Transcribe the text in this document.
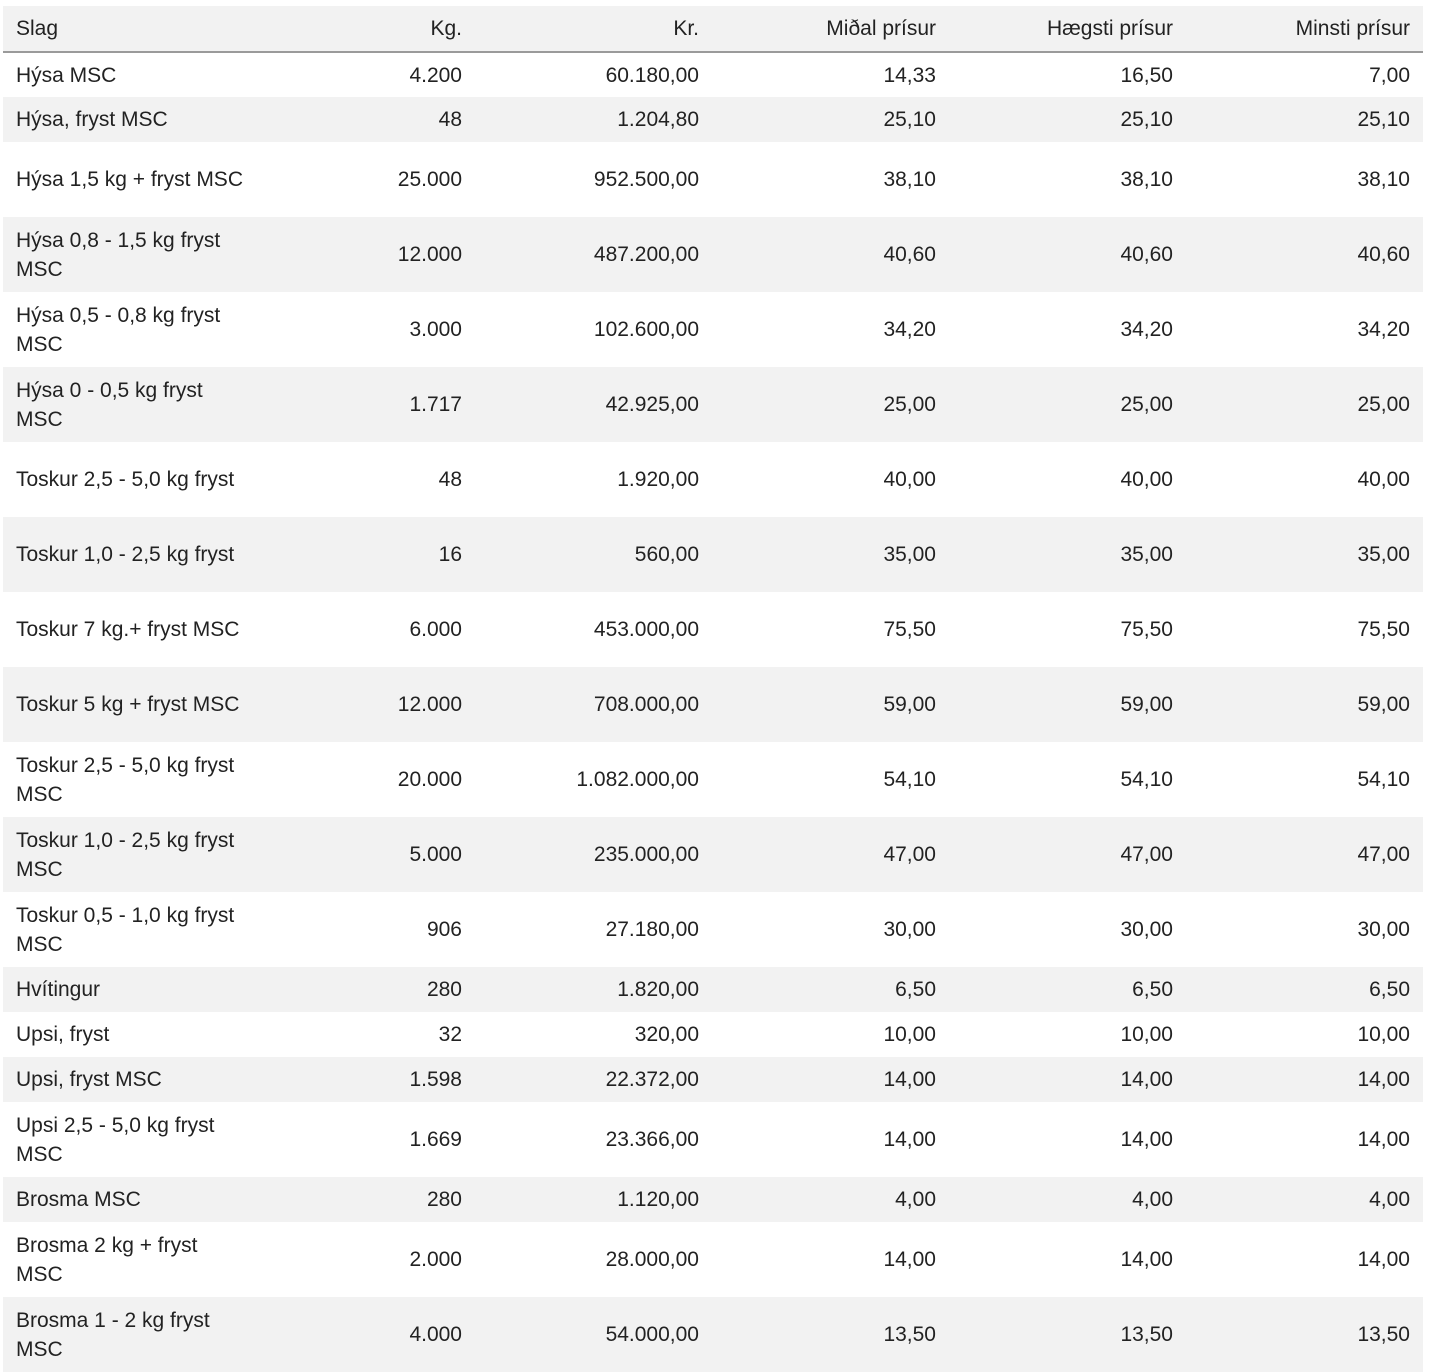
Slag	Kg.	Kr.	Miðal prísur	Hægsti prísur	Minsti prísur
Hýsa MSC	4.200	60.180,00	14,33	16,50	7,00
Hýsa, fryst MSC	48	1.204,80	25,10	25,10	25,10
Hýsa 1,5 kg + fryst MSC	25.000	952.500,00	38,10	38,10	38,10
Hýsa 0,8 - 1,5 kg fryst MSC	12.000	487.200,00	40,60	40,60	40,60
Hýsa 0,5 - 0,8 kg fryst MSC	3.000	102.600,00	34,20	34,20	34,20
Hýsa 0 - 0,5 kg fryst MSC	1.717	42.925,00	25,00	25,00	25,00
Toskur 2,5 - 5,0 kg fryst	48	1.920,00	40,00	40,00	40,00
Toskur 1,0 - 2,5 kg fryst	16	560,00	35,00	35,00	35,00
Toskur 7 kg.+ fryst MSC	6.000	453.000,00	75,50	75,50	75,50
Toskur 5 kg + fryst MSC	12.000	708.000,00	59,00	59,00	59,00
Toskur 2,5 - 5,0 kg fryst MSC	20.000	1.082.000,00	54,10	54,10	54,10
Toskur 1,0 - 2,5 kg fryst MSC	5.000	235.000,00	47,00	47,00	47,00
Toskur 0,5 - 1,0 kg fryst MSC	906	27.180,00	30,00	30,00	30,00
Hvítingur	280	1.820,00	6,50	6,50	6,50
Upsi, fryst	32	320,00	10,00	10,00	10,00
Upsi, fryst MSC	1.598	22.372,00	14,00	14,00	14,00
Upsi 2,5 - 5,0 kg fryst MSC	1.669	23.366,00	14,00	14,00	14,00
Brosma MSC	280	1.120,00	4,00	4,00	4,00
Brosma 2 kg + fryst MSC	2.000	28.000,00	14,00	14,00	14,00
Brosma 1 - 2 kg fryst MSC	4.000	54.000,00	13,50	13,50	13,50
